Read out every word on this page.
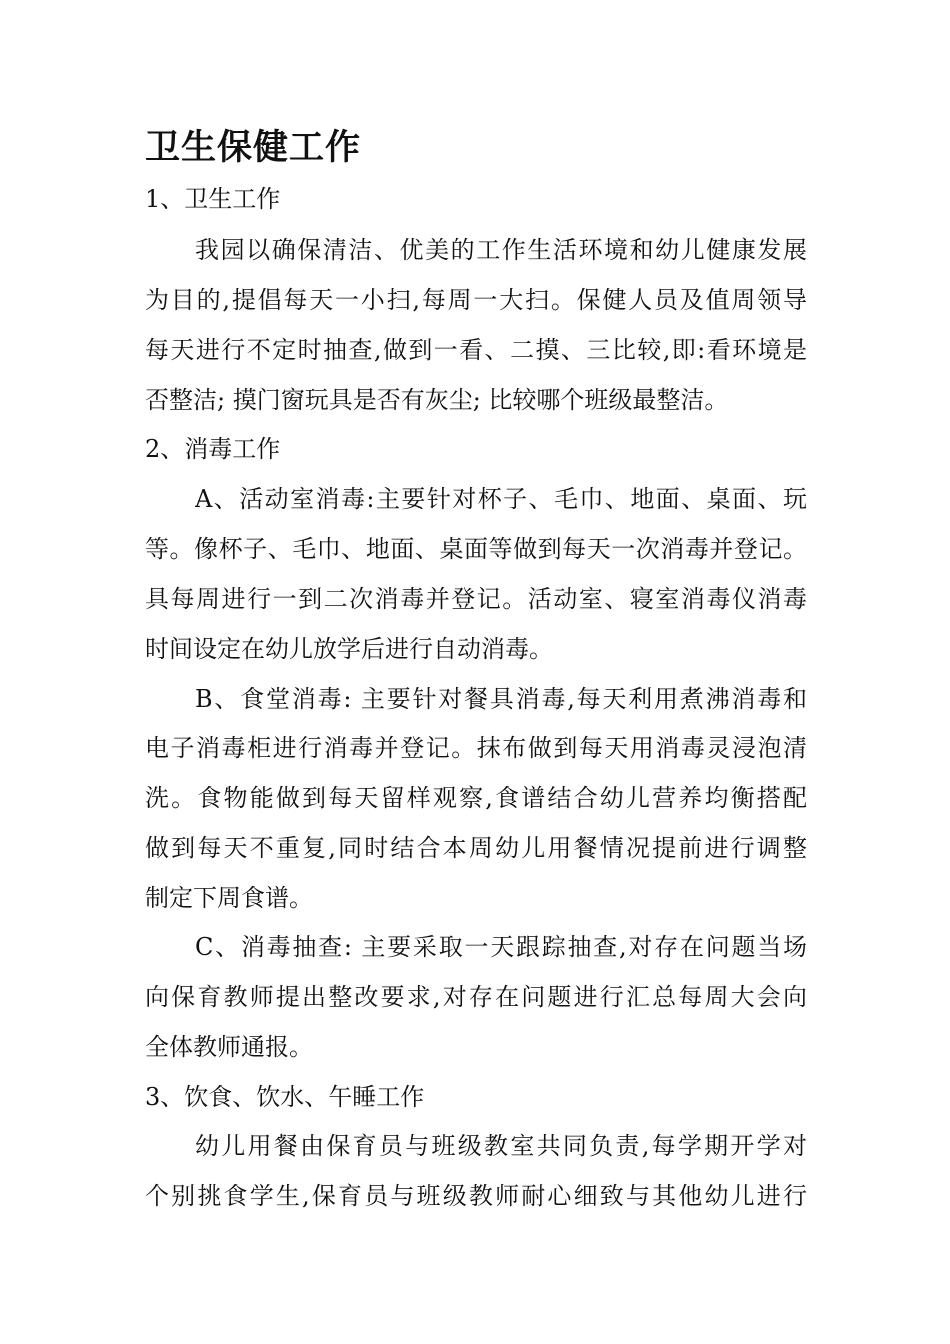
卫生保健工作
1、卫生工作
我园以确保清洁、优美的工作生活环境和幼儿健康发展
为目的,提倡每天一小扫,每周一大扫。保健人员及值周领导
每天进行不定时抽查,做到一看、二摸、三比较,即:看环境是
否整洁; 摸门窗玩具是否有灰尘; 比较哪个班级最整洁。
2、消毒工作
A、活动室消毒:主要针对杯子、毛巾、地面、桌面、玩
等。像杯子、毛巾、地面、桌面等做到每天一次消毒并登记。
具每周进行一到二次消毒并登记。活动室、寝室消毒仪消毒
时间设定在幼儿放学后进行自动消毒。
B、食堂消毒: 主要针对餐具消毒,每天利用煮沸消毒和
电子消毒柜进行消毒并登记。抹布做到每天用消毒灵浸泡清
洗。食物能做到每天留样观察,食谱结合幼儿营养均衡搭配
做到每天不重复,同时结合本周幼儿用餐情况提前进行调整
制定下周食谱。
C、消毒抽查: 主要采取一天跟踪抽查,对存在问题当场
向保育教师提出整改要求,对存在问题进行汇总每周大会向
全体教师通报。
3、饮食、饮水、午睡工作
幼儿用餐由保育员与班级教室共同负责,每学期开学对
个别挑食学生,保育员与班级教师耐心细致与其他幼儿进行
